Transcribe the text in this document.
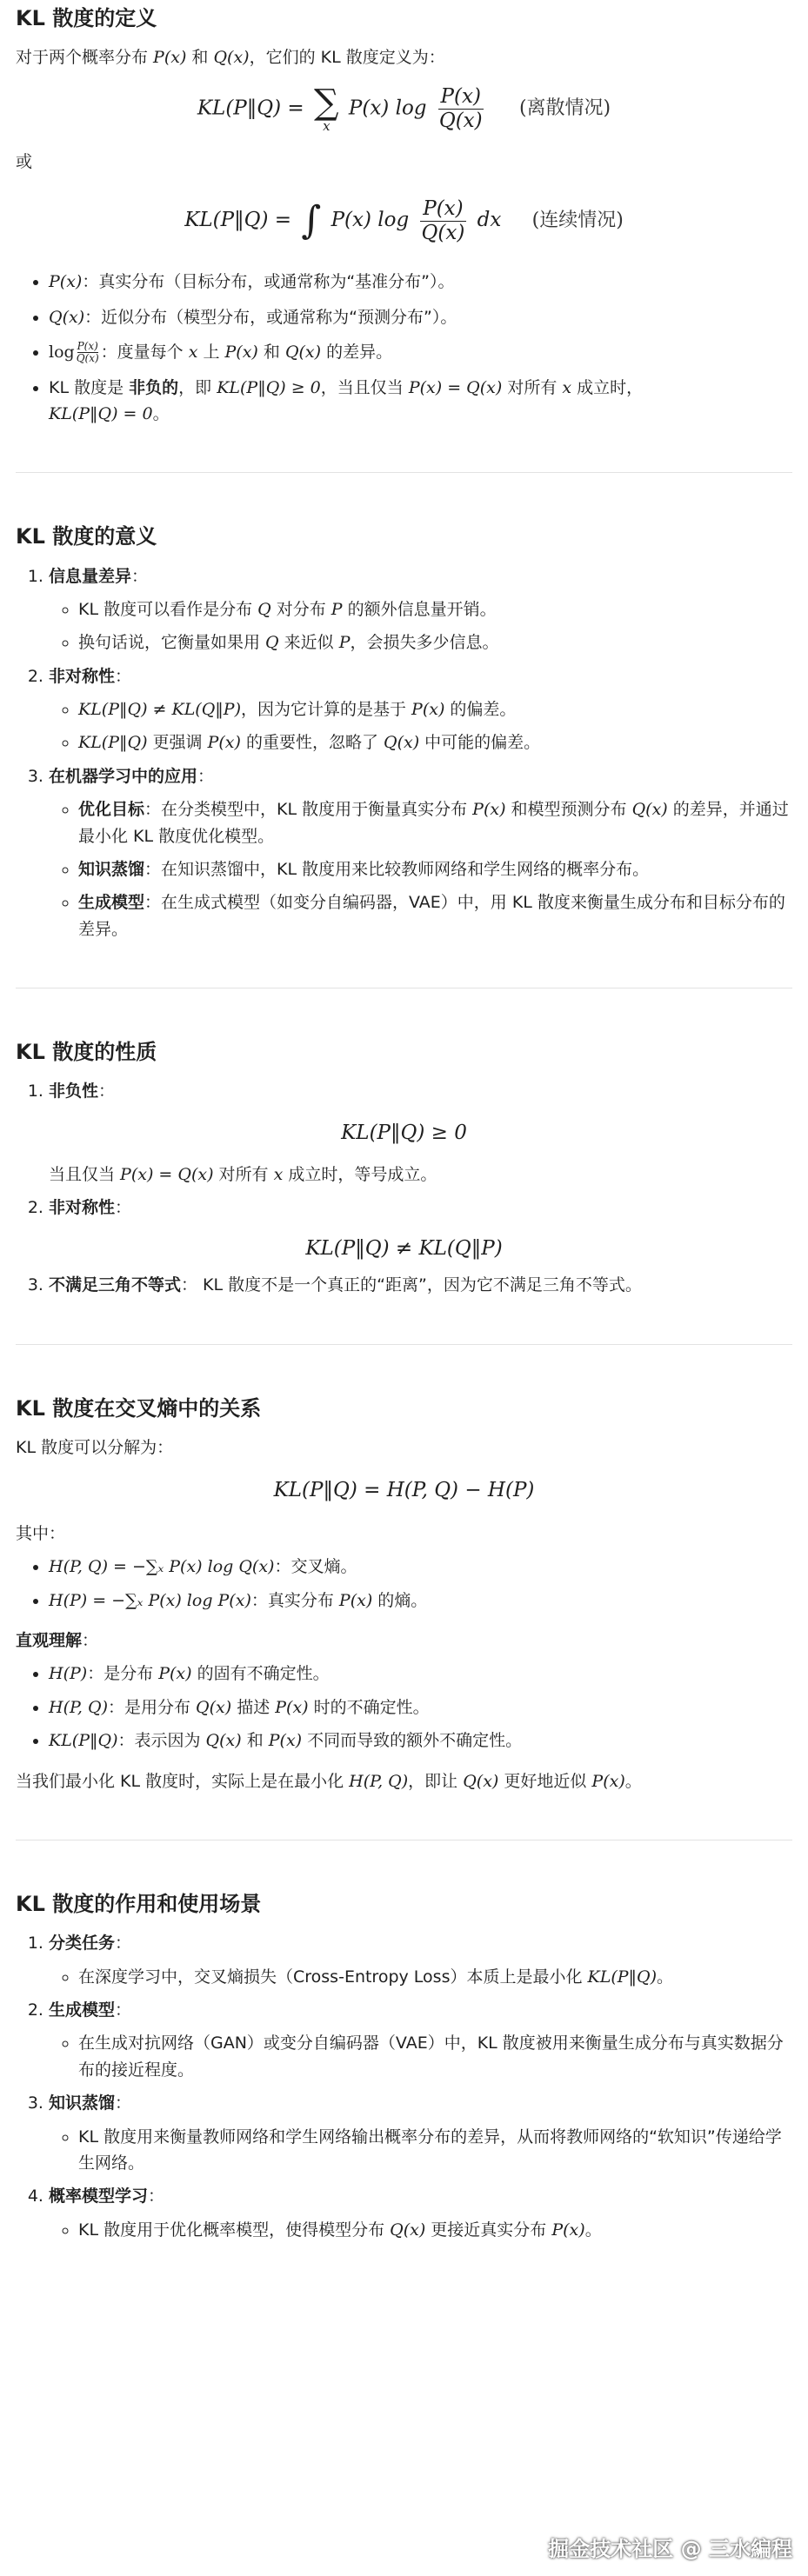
KL 散度的定义

对于两个概率分布 P(x) 和 Q(x)，它们的 KL 散度定义为：

KL(P‖Q) = ∑
x
P(x) $\log \frac{P(x)}{Q(x)}$ (离散情况)

或

KL(P‖Q) = ∫ P(x) $\log \frac{P(x)}{Q(x)}$ dx (连续情况)
• P(x)：真实分布（目标分布，或通常称为“基准分布”）。
• Q(x)：近似分布（模型分布，或通常称为“预测分布”）。
• $\log \frac{P(x)}{Q(x)}$ ：度量每个 x 上 P(x) 和 Q(x) 的差异。
• KL 散度是 非负的，即 KL(P‖Q) ≥ 0，当且仅当 P(x) = Q(x) 对所有 x 成立时，
KL(P‖Q) = 0。
KL 散度的意义
1. 信息量差异：
◦ KL 散度可以看作是分布 Q 对分布 P 的额外信息量开销。
◦ 换句话说，它衡量如果用 Q 来近似 P，会损失多少信息。
2. 非对称性：
◦ KL(P‖Q) ≠ KL(Q‖P)，因为它计算的是基于 P(x) 的偏差。
◦ KL(P‖Q) 更强调 P(x) 的重要性，忽略了 Q(x) 中可能的偏差。
3. 在机器学习中的应用：
◦ 优化目标：在分类模型中，KL 散度用于衡量真实分布 P(x) 和模型预测分布 Q(x) 的差异，并通过最小化 KL 散度优化模型。
◦ 知识蒸馏：在知识蒸馏中，KL 散度用来比较教师网络和学生网络的概率分布。
◦ 生成模型：在生成式模型（如变分自编码器，VAE）中，用 KL 散度来衡量生成分布和目标分布的差异。
KL 散度的性质
1. 非负性：
KL(P‖Q) ≥ 0

当且仅当 P(x) = Q(x) 对所有 x 成立时，等号成立。

2. 非对称性：
KL(P‖Q) ≠ KL(Q‖P)
3. 不满足三角不等式： KL 散度不是一个真正的“距离”，因为它不满足三角不等式。
KL 散度在交叉熵中的关系

KL 散度可以分解为：

KL(P‖Q) = H(P, Q) − H(P)

其中：

• H(P, Q) = −∑ₓ P(x) log Q(x)：交叉熵。
• H(P) = −∑ₓ P(x) log P(x)：真实分布 P(x) 的熵。

直观理解：

• H(P)：是分布 P(x) 的固有不确定性。
• H(P, Q)：是用分布 Q(x) 描述 P(x) 时的不确定性。
• KL(P‖Q)：表示因为 Q(x) 和 P(x) 不同而导致的额外不确定性。

当我们最小化 KL 散度时，实际上是在最小化 H(P, Q)，即让 Q(x) 更好地近似 P(x)。

KL 散度的作用和使用场景
1. 分类任务：
◦ 在深度学习中，交叉熵损失（Cross-Entropy Loss）本质上是最小化 KL(P‖Q)。
2. 生成模型：
◦ 在生成对抗网络（GAN）或变分自编码器（VAE）中，KL 散度被用来衡量生成分布与真实数据分布的接近程度。
3. 知识蒸馏：
◦ KL 散度用来衡量教师网络和学生网络输出概率分布的差异，从而将教师网络的“软知识”传递给学生网络。
4. 概率模型学习：
◦ KL 散度用于优化概率模型，使得模型分布 Q(x) 更接近真实分布 P(x)。
掘金技术社区 @ 三水編程
